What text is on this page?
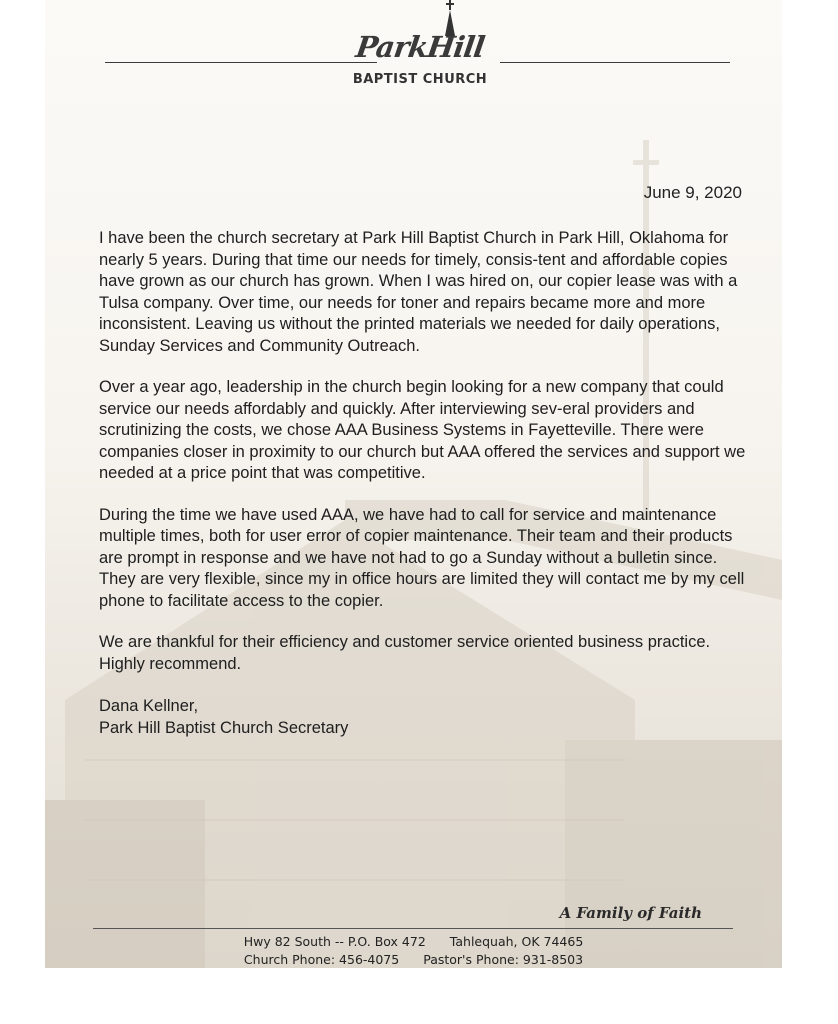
ParkHill
BAPTIST CHURCH
June 9, 2020

I have been the church secretary at Park Hill Baptist Church in Park Hill, Oklahoma for nearly 5 years. During that time our needs for timely, consis-tent and affordable copies have grown as our church has grown. When I was hired on, our copier lease was with a Tulsa company. Over time, our needs for toner and repairs became more and more inconsistent. Leaving us without the printed materials we needed for daily operations, Sunday Services and Community Outreach.

Over a year ago, leadership in the church begin looking for a new company that could service our needs affordably and quickly. After interviewing sev-eral providers and scrutinizing the costs, we chose AAA Business Systems in Fayetteville. There were companies closer in proximity to our church but AAA offered the services and support we needed at a price point that was competitive.

During the time we have used AAA, we have had to call for service and maintenance multiple times, both for user error of copier maintenance. Their team and their products are prompt in response and we have not had to go a Sunday without a bulletin since. They are very flexible, since my in office hours are limited they will contact me by my cell phone to facilitate access to the copier.

We are thankful for their efficiency and customer service oriented business practice. Highly recommend.

Dana Kellner,
Park Hill Baptist Church Secretary
A Family of Faith
Hwy 82 South -- P.O. Box 472 Tahlequah, OK 74465
Church Phone: 456-4075 Pastor's Phone: 931-8503
